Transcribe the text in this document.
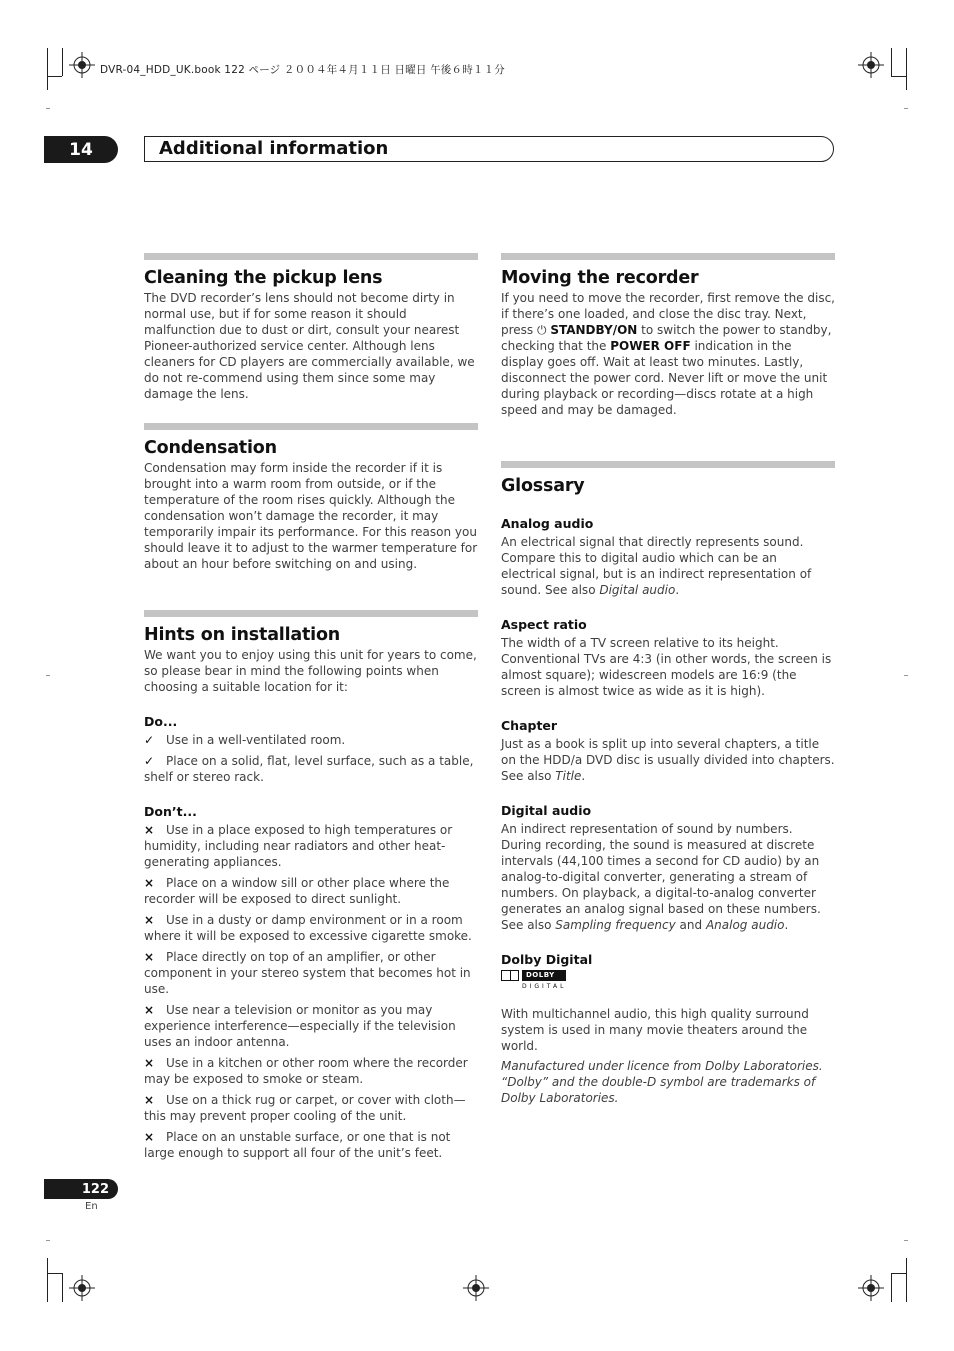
DVR-04_HDD_UK.book 122 ページ ２００４年４月１１日 日曜日 午後６時１１分
14	Additional information
Cleaning the pickup lens

The DVD recorder’s lens should not become dirty in normal use, but if for some reason it should malfunction due to dust or dirt, consult your nearest Pioneer-authorized service center. Although lens cleaners for CD players are commercially available, we do not re-commend using them since some may damage the lens.

Condensation

Condensation may form inside the recorder if it is brought into a warm room from outside, or if the temperature of the room rises quickly. Although the condensation won’t damage the recorder, it may temporarily impair its performance. For this reason you should leave it to adjust to the warmer temperature for about an hour before switching on and using.

Hints on installation

We want you to enjoy using this unit for years to come, so please bear in mind the following points when choosing a suitable location for it:

Do...
✓ Use in a well-ventilated room.
✓ Place on a solid, flat, level surface, such as a table, shelf or stereo rack.
Don’t...
× Use in a place exposed to high temperatures or humidity, including near radiators and other heat-generating appliances.
× Place on a window sill or other place where the recorder will be exposed to direct sunlight.
× Use in a dusty or damp environment or in a room where it will be exposed to excessive cigarette smoke.
× Place directly on top of an amplifier, or other component in your stereo system that becomes hot in use.
× Use near a television or monitor as you may experience interference—especially if the television uses an indoor antenna.
× Use in a kitchen or other room where the recorder may be exposed to smoke or steam.
× Use on a thick rug or carpet, or cover with cloth—this may prevent proper cooling of the unit.
× Place on an unstable surface, or one that is not large enough to support all four of the unit’s feet.
Moving the recorder

If you need to move the recorder, first remove the disc, if there’s one loaded, and close the disc tray. Next, press ⏻ STANDBY/ON to switch the power to standby, checking that the POWER OFF indication in the display goes off. Wait at least two minutes. Lastly, disconnect the power cord. Never lift or move the unit during playback or recording—discs rotate at a high speed and may be damaged.

Glossary
Analog audio

An electrical signal that directly represents sound. Compare this to digital audio which can be an electrical signal, but is an indirect representation of sound. See also Digital audio.

Aspect ratio

The width of a TV screen relative to its height. Conventional TVs are 4:3 (in other words, the screen is almost square); widescreen models are 16:9 (the screen is almost twice as wide as it is high).

Chapter

Just as a book is split up into several chapters, a title on the HDD/a DVD disc is usually divided into chapters. See also Title.

Digital audio

An indirect representation of sound by numbers. During recording, the sound is measured at discrete intervals (44,100 times a second for CD audio) by an analog-to-digital converter, generating a stream of numbers. On playback, a digital-to-analog converter generates an analog signal based on these numbers. See also Sampling frequency and Analog audio.

Dolby Digital
DOLBY
DIGITAL

With multichannel audio, this high quality surround system is used in many movie theaters around the world.

Manufactured under licence from Dolby Laboratories. “Dolby” and the double-D symbol are trademarks of Dolby Laboratories.

122
En
